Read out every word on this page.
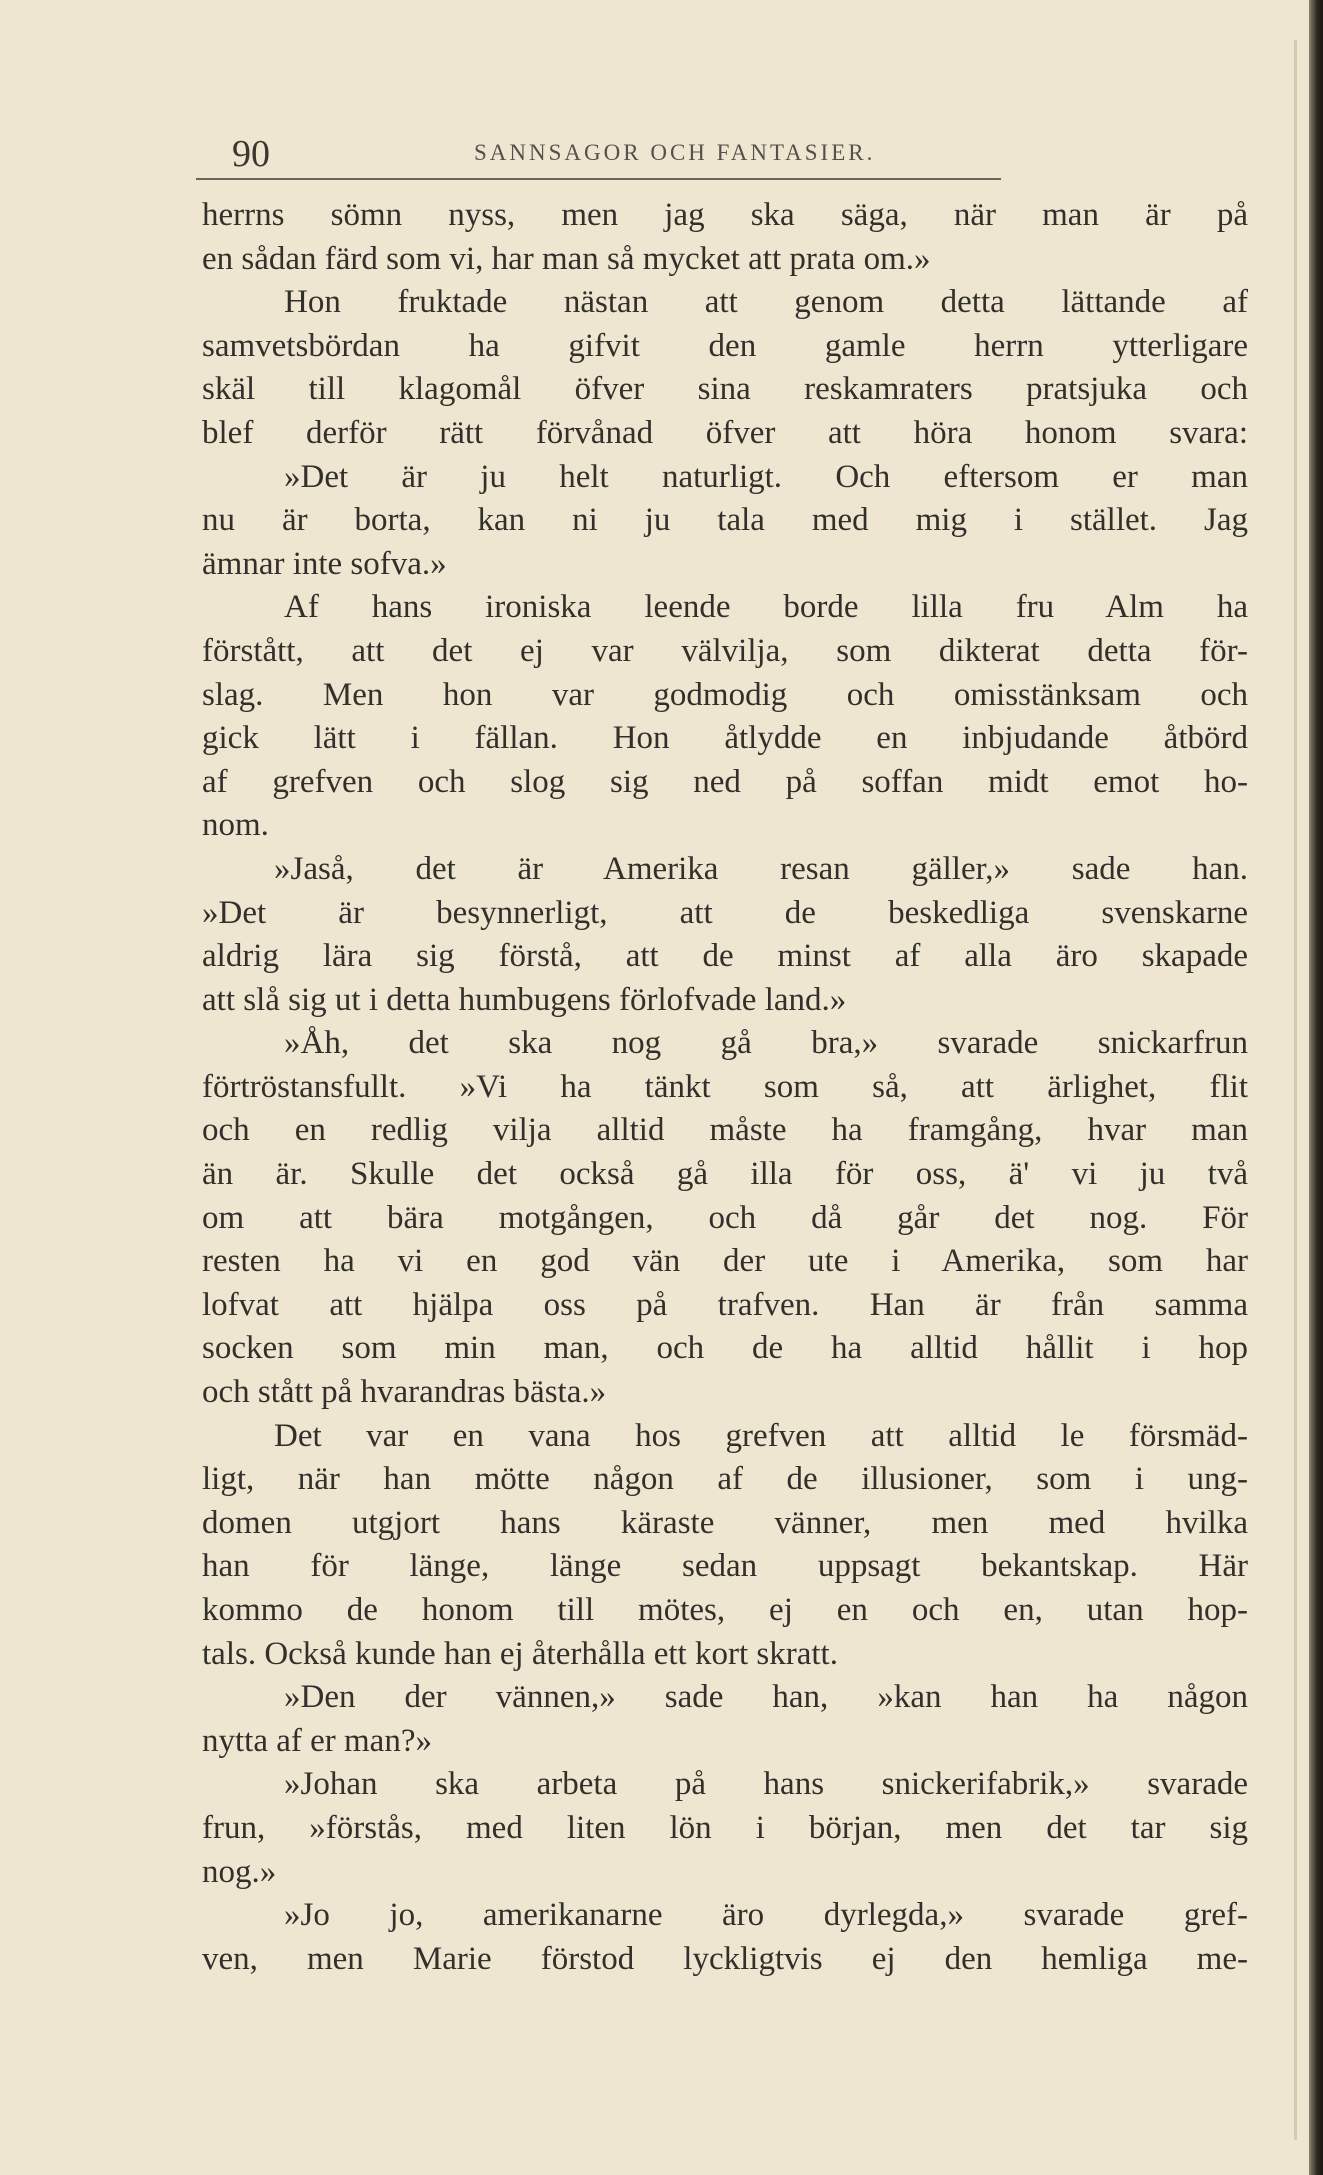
90	SANNSAGOR OCH FANTASIER.
herrns sömn nyss, men jag ska säga, när man är på
en sådan färd som vi, har man så mycket att prata om.»
Hon fruktade nästan att genom detta lättande af
samvetsbördan ha gifvit den gamle herrn ytterligare
skäl till klagomål öfver sina reskamraters pratsjuka och
blef derför rätt förvånad öfver att höra honom svara:
»Det är ju helt naturligt. Och eftersom er man
nu är borta, kan ni ju tala med mig i stället. Jag
ämnar inte sofva.»
Af hans ironiska leende borde lilla fru Alm ha
förstått, att det ej var välvilja, som dikterat detta för-
slag. Men hon var godmodig och omisstänksam och
gick lätt i fällan. Hon åtlydde en inbjudande åtbörd
af grefven och slog sig ned på soffan midt emot ho-
nom.
»Jaså, det är Amerika resan gäller,» sade han.
»Det är besynnerligt, att de beskedliga svenskarne
aldrig lära sig förstå, att de minst af alla äro skapade
att slå sig ut i detta humbugens förlofvade land.»
»Åh, det ska nog gå bra,» svarade snickarfrun
förtröstansfullt. »Vi ha tänkt som så, att ärlighet, flit
och en redlig vilja alltid måste ha framgång, hvar man
än är. Skulle det också gå illa för oss, ä' vi ju två
om att bära motgången, och då går det nog. För
resten ha vi en god vän der ute i Amerika, som har
lofvat att hjälpa oss på trafven. Han är från samma
socken som min man, och de ha alltid hållit i hop
och stått på hvarandras bästa.»
Det var en vana hos grefven att alltid le försmäd-
ligt, när han mötte någon af de illusioner, som i ung-
domen utgjort hans käraste vänner, men med hvilka
han för länge, länge sedan uppsagt bekantskap. Här
kommo de honom till mötes, ej en och en, utan hop-
tals. Också kunde han ej återhålla ett kort skratt.
»Den der vännen,» sade han, »kan han ha någon
nytta af er man?»
»Johan ska arbeta på hans snickerifabrik,» svarade
frun, »förstås, med liten lön i början, men det tar sig
nog.»
»Jo jo, amerikanarne äro dyrlegda,» svarade gref-
ven, men Marie förstod lyckligtvis ej den hemliga me-
